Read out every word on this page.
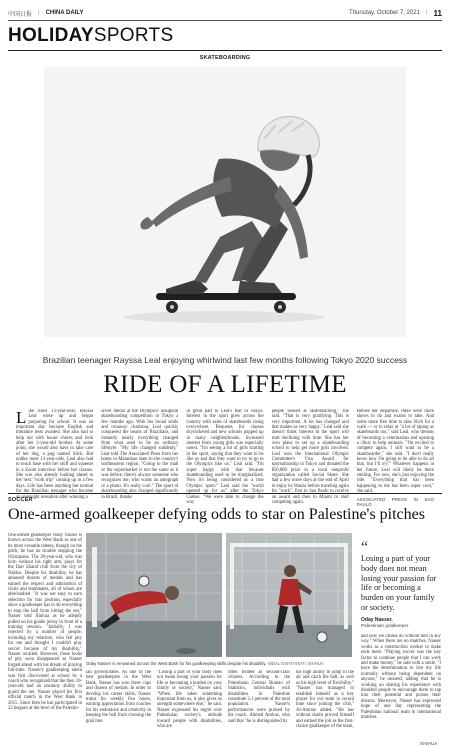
中国日报 | CHINA DAILY	Thursday, October 7, 2021 | 11
HOLIDAYSPORTS
SKATEBOARDING
Brazilian teenager Rayssa Leal enjoying whirlwind last few months following Tokyo 2020 success
RIDE OF A LIFETIME
Like most 13-year-olds, Rayssa Leal woke up and began preparing for school. It was an important day because English and literature tests awaited. She also had to help out with house chores and look after her 2-year-old brother. At some point, she would also have to take care of her dog, a pug named Slick. But unlike most 13-year-olds, Leal also had to teach base with her stuff and squeeze in a Zoom interview before her classes. She was also already looking ahead to her next "work trip" coming up in a few days. Life has been anything but normal for the Brazilian teenager who became an overnight sensation after winning a
silver medal at the Olympics' inaugural skateboarding competition in Tokyo a few months ago. With her broad smile and runaway charisma, Leal quickly conquered the hearts of Brazilians, and instantly nearly everything changed from what used to be an ordinary lifestyle. "My life changed suddenly," Leal told The Associated Press from her home in Maranhao state in the country's northeastern region. "Going to the mall or the supermarket is not the same as it was before, there's always someone who recognizes me, who wants an autograph or a photo. It's really cool." The sport of skateboarding also changed significantly in Brazil, thanks
in great part to Leal's feat in Tokyo. Interest in the sport grew across the country with sales of skateboards rising everywhere. Requests for classes skyrocketed and new schools popped up in many neighborhoods. Increased interest from young girls was especially noted. "I'm seeing a lot of girls starting in the sport, saying that they want to be like us and that they want to try to go to the Olympics like us," Leal said. "I'm super happy with that because skateboarding used to be marginalized. Now it's being considered as a true Olympic sport." Leal said the "world opened up for us" after the Tokyo Games. "We were able to change the way
people looked at skateboarding," she said. "That is very gratifying. This is very important. A lot has changed and that makes us very happy." Leal said she doesn't think interest in the sport will start declining with time. She has her own plans to set up a skateboarding school to help get more girls involved. Leal won the International Olympic Committee's Visa Award for sportsmanship in Tokyo and donated the $50,000 prize to a local nonprofit organization called Social Skate. She had a few more days at the end of April to enjoy its Wanza before traveling again for "work", first to Sao Paulo to receive an award and then to Miami to start competing again.
Before her departure, there were more shows to do and exams to take. And some more free time to take Slick for a walk — or to relax at "a lot of taping as skateboards too," said Leal, who dreams of becoming a veterinarian and opening a clinic to help animals. "I'm excited to compete again, I still want to be a skateboarder," she said. "I don't really know how I'm going to be able to do all that, but I'll try!" Whatever happens in her future, Leal will likely be there smiling. For now, she's just enjoying the ride. "Everything that has been happening to me has been super cool," she said.
ASSOCIATED PRESS IN SAO PAULO
SOCCER
One-armed goalkeeper defying odds to star on Palestine's pitches
One-armed goalkeeper Oday Nasser is known across the West Bank as one of its most versatile talents, though on the pitch, he has no trouble stopping the Olympians. The 20-year-old, who was born without his right arm, plays for the Dair Sharaf club from the city of Nablus. Despite his disability, he has amassed dozens of medals and has earned the respect and admiration of rivals and teammates, all of whom are able-bodied. "It was not easy to earn selection for this position, especially since a goalkeeper has to do everything to stop the ball from hitting the net," Nasser told Xinhua as he adeptly pulled on his goalie jersey in front of a training session. "Initially, I was rejected by a number of people, including my relatives, who felt pity for me and thought I couldn't play soccer because of my disability," Nasser recalled. However, those looks of pity soon disappeared as Nasser forged ahead with his dream of playing full-time. Nasser's goalkeeping talent was first discovered at school by a coach who recognized that the then 10-year-old had an uncanny ability to guard the net. Nasser played his first official match in the West Bank in 2015. Since then he has participated in 22 leagues at the level of the Palestin-
Oday Nasser is renowned across the West Bank for his goalkeeping skills despite his disability. NIDAL ESHTAYEH / XINHUA
ian governorates. As one of the best goalkeepers in the West Bank, Nasser has won three cups and dozens of medals. In order to develop his career skills, Nasser trains for weekly five hours, earning appreciation from coaches for his endurance and creativity in keeping the ball from crossing the goal line.
"Losing a part of your body does not mean losing your passion for life or becoming a burden on your family or society," Nasser said. "When life takes something important from us, it also gives us strength somewhere else," he said. Nasser expressed his regret over Palestinian society's attitude toward people with disabilities, who are
often treated as second-class citizens. According to the Palestinian Central Bureau of Statistics, individuals with disabilities in Palestine constitute 2.1 percent of the total population. Nasser's performances were praised by his coach, Ahmed Amiras, who said that "he is distinguished by
his high ability to jump in the air and catch the ball, as well as his high level of flexibility." "Nasser has managed to establish himself as a key player for our team in record time since joining the club," Al-Amiras added. "He has without doubt proved himself and earned the job as the first-choice goalkeeper of the team,
“
Losing a part of your body does not mean losing your passion for life or becoming a burden on your family or society.
Oday Nasser,
Palestinian goalkeeper
and now we cannot do without him in any way." When there are no matches, Nasser works as a construction worker to make ends meet. "Playing soccer was the key factor to continue people that I can work and make money," he said with a smile. "I have the determination to live my life normally without being dependent on anyone," he insisted, adding that he is working on sharing his experience with disabled people to encourage them to tap into their potential and pursue their dreams. Moreover, Nasser has expressed hope of one day representing the Palestinian national team in international matches.
XINHUA
